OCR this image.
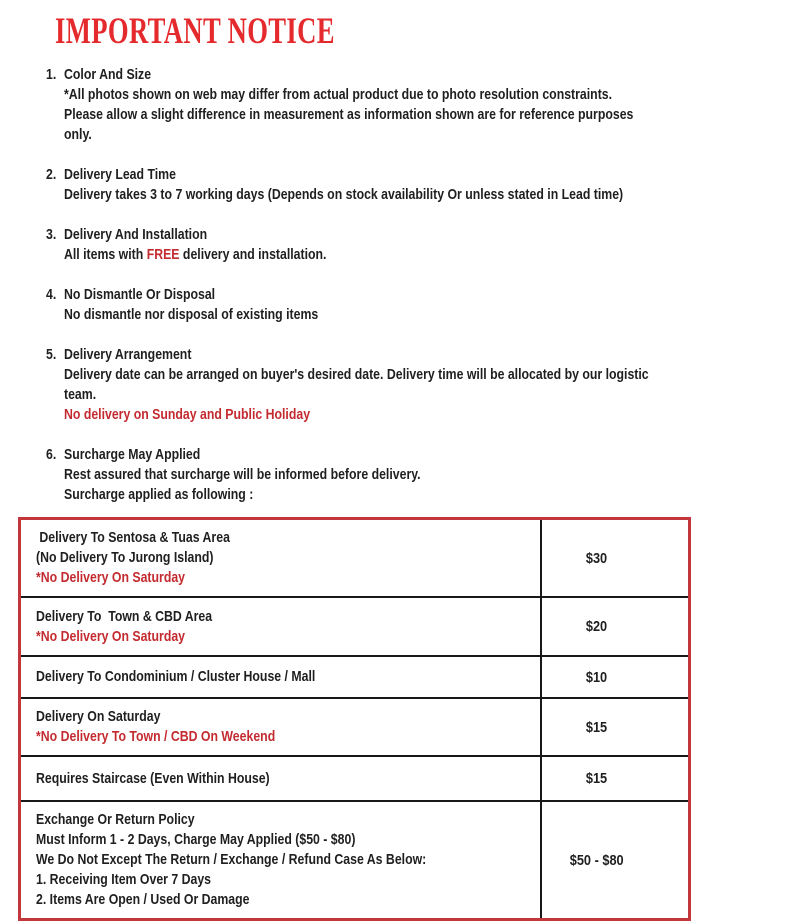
IMPORTANT NOTICE
1. Color And Size
*All photos shown on web may differ from actual product due to photo resolution constraints.
Please allow a slight difference in measurement as information shown are for reference purposes
only.
2. Delivery Lead Time
Delivery takes 3 to 7 working days (Depends on stock availability Or unless stated in Lead time)
3. Delivery And Installation
All items with FREE delivery and installation.
4. No Dismantle Or Disposal
No dismantle nor disposal of existing items
5. Delivery Arrangement
Delivery date can be arranged on buyer's desired date. Delivery time will be allocated by our logistic
team.
No delivery on Sunday and Public Holiday
6. Surcharge May Applied
Rest assured that surcharge will be informed before delivery.
Surcharge applied as following :
Delivery To Sentosa & Tuas Area
(No Delivery To Jurong Island)
*No Delivery On Saturday
$30
Delivery To  Town & CBD Area
*No Delivery On Saturday
$20
Delivery To Condominium / Cluster House / Mall	$10
Delivery On Saturday
*No Delivery To Town / CBD On Weekend
$15
Requires Staircase (Even Within House)	$15
Exchange Or Return Policy
Must Inform 1 - 2 Days, Charge May Applied ($50 - $80)
We Do Not Except The Return / Exchange / Refund Case As Below:
1. Receiving Item Over 7 Days
2. Items Are Open / Used Or Damage
$50 - $80
